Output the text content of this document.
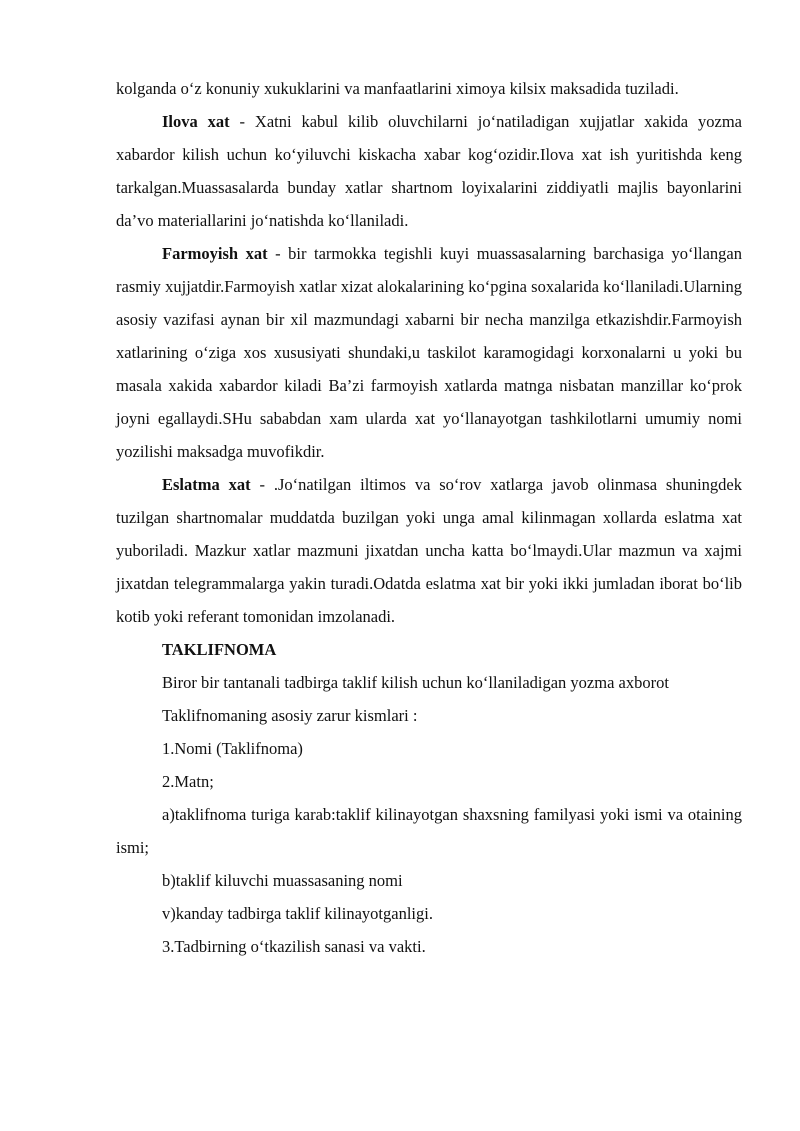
kolganda o‘z konuniy xukuklarini va manfaatlarini ximoya kilsix maksadida tuziladi.

Ilova xat - Xatni kabul kilib oluvchilarni jo‘natiladigan xujjatlar xakida yozma xabardor kilish uchun ko‘yiluvchi kiskacha xabar kog‘ozidir.Ilova xat ish yuritishda keng tarkalgan.Muassasalarda bunday xatlar shartnom loyixalarini ziddiyatli majlis bayonlarini da’vo materiallarini jo‘natishda ko‘llaniladi.

Farmoyish xat - bir tarmokka tegishli kuyi muassasalarning barchasiga yo‘llangan rasmiy xujjatdir.Farmoyish xatlar xizat alokalarining ko‘pgina soxalarida ko‘llaniladi.Ularning asosiy vazifasi aynan bir xil mazmundagi xabarni bir necha manzilga etkazishdir.Farmoyish xatlarining o‘ziga xos xususiyati shundaki,u taskilot karamogidagi korxonalarni u yoki bu masala xakida xabardor kiladi Ba’zi farmoyish xatlarda matnga nisbatan manzillar ko‘prok joyni egallaydi.SHu sababdan xam ularda xat yo‘llanayotgan tashkilotlarni umumiy nomi yozilishi maksadga muvofikdir.

Eslatma xat - .Jo‘natilgan iltimos va so‘rov xatlarga javob olinmasa shuningdek tuzilgan shartnomalar muddatda buzilgan yoki unga amal kilinmagan xollarda eslatma xat yuboriladi. Mazkur xatlar mazmuni jixatdan uncha katta bo‘lmaydi.Ular mazmun va xajmi jixatdan telegrammalarga yakin turadi.Odatda eslatma xat bir yoki ikki jumladan iborat bo‘lib kotib yoki referant tomonidan imzolanadi.

TAKLIFNOMA

Biror bir tantanali tadbirga taklif kilish uchun ko‘llaniladigan yozma axborot

Taklifnomaning asosiy zarur kismlari :

1.Nomi (Taklifnoma)

2.Matn;

a)taklifnoma turiga karab:taklif kilinayotgan shaxsning familyasi yoki ismi va otaining ismi;

b)taklif kiluvchi muassasaning nomi

v)kanday tadbirga taklif kilinayotganligi.

3.Tadbirning o‘tkazilish sanasi va vakti.
